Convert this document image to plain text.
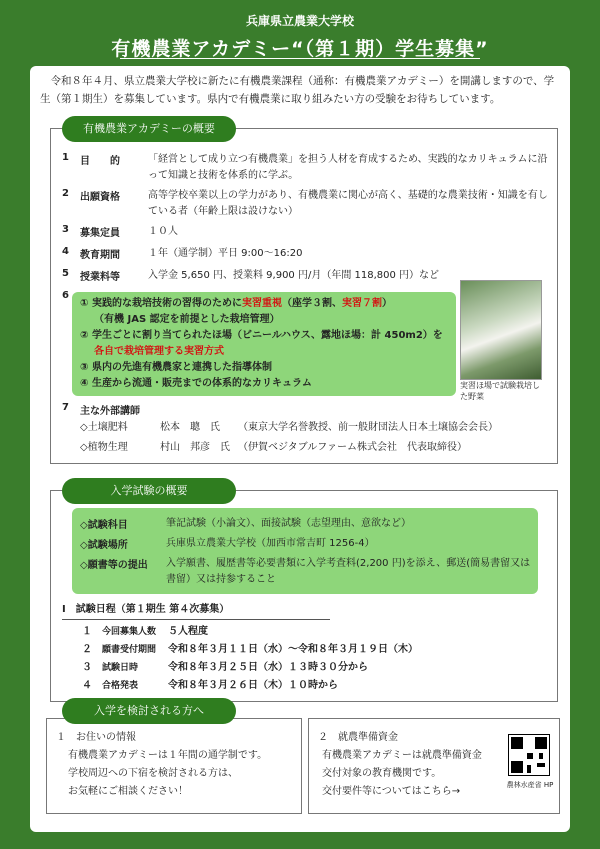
兵庫県立農業大学校
有機農業アカデミー“（第１期）学生募集”
令和８年４月、県立農業大学校に新たに有機農業課程（通称：有機農業アカデミー）を開講しますので、学生（第１期生）を募集しています。県内で有機農業に取り組みたい方の受験をお待ちしています。
有機農業アカデミーの概要
1 目　　的	「経営として成り立つ有機農業」を担う人材を育成するため、実践的なカリキュラムに沿って知識と技術を体系的に学ぶ。
2 出願資格	高等学校卒業以上の学力があり、有機農業に関心が高く、基礎的な農業技術・知識を有している者（年齢上限は設けない）
3 募集定員	１０人
4 教育期間	１年（通学制）平日 9:00～16:20
5 授業料等	入学金 5,650 円、授業料 9,900 円/月（年間 118,800 円）など
6
① 実践的な栽培技術の習得のために実習重視（座学３割、実習７割）
（有機 JAS 認定を前提とした栽培管理）
② 学生ごとに割り当てられたほ場（ビニールハウス、露地ほ場：計 450m2）を
各自で栽培管理する実習方式
③ 県内の先進有機農家と連携した指導体制
④ 生産から流通・販売までの体系的なカリキュラム	実習ほ場で試験栽培した野菜
7 主な外部講師
◇土壌肥料	松本　聰　氏 （東京大学名誉教授、前一般財団法人日本土壌協会会長）
◇植物生理	村山　邦彦　氏 （伊賀ベジタブルファーム株式会社　代表取締役）
入学試験の概要
◇試験科目	筆記試験（小論文）、面接試験（志望理由、意欲など）
◇試験場所	兵庫県立農業大学校（加西市常吉町 1256-4）
◇願書等の提出 入学願書、履歴書等必要書類に入学考査料(2,200 円)を添え、郵送(簡易書留又は書留）又は持参すること
Ⅰ　試験日程（第１期生 第４次募集）
１ 今回募集人数 ５人程度
２ 願書受付期間 令和８年３月１１日（水）～令和８年３月１９日（木）
３ 試験日時	令和８年３月２５日（水）１３時３０分から
４ 合格発表	令和８年３月２６日（木）１０時から
入学を検討される方へ
１　お住いの情報
有機農業アカデミーは１年間の通学制です。
学校周辺への下宿を検討される方は、
お気軽にご相談ください！
２　就農準備資金
有機農業アカデミーは就農準備資金
交付対象の教育機関です。
交付要件等についてはこちら→
農林水産省 HP
